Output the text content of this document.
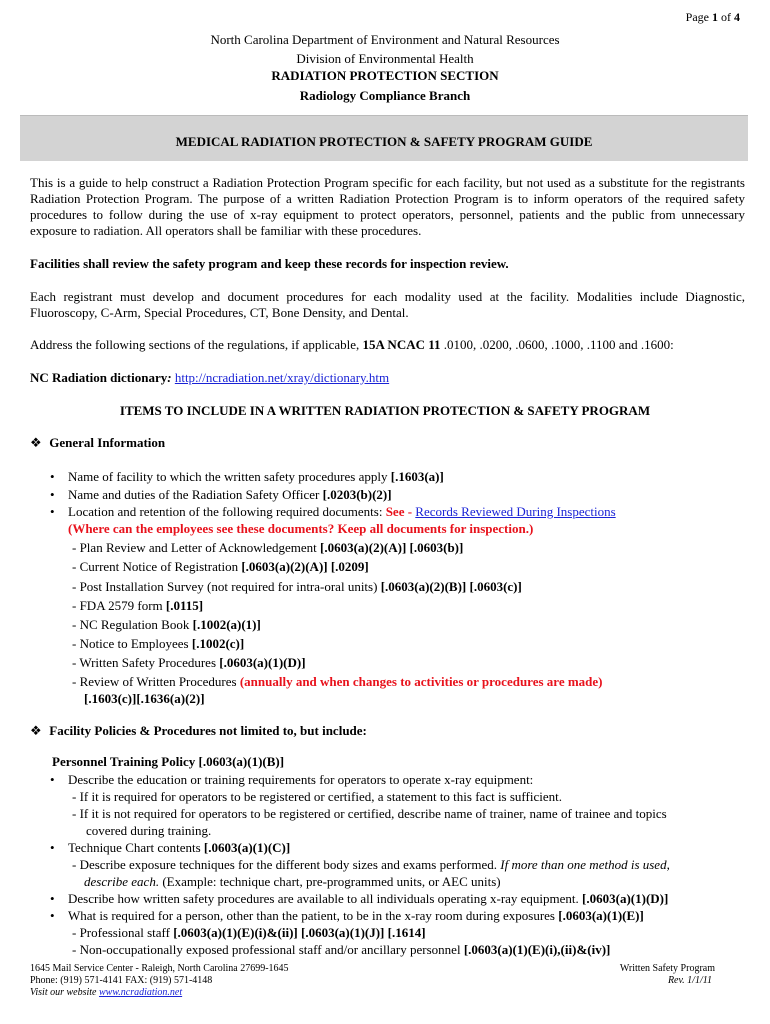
Page 1 of 4
North Carolina Department of Environment and Natural Resources
Division of Environmental Health
RADIATION PROTECTION SECTION
Radiology Compliance Branch
MEDICAL RADIATION PROTECTION & SAFETY PROGRAM GUIDE
This is a guide to help construct a Radiation Protection Program specific for each facility, but not used as a substitute for the registrants Radiation Protection Program. The purpose of a written Radiation Protection Program is to inform operators of the required safety procedures to follow during the use of x-ray equipment to protect operators, personnel, patients and the public from unnecessary exposure to radiation. All operators shall be familiar with these procedures.
Facilities shall review the safety program and keep these records for inspection review.
Each registrant must develop and document procedures for each modality used at the facility. Modalities include Diagnostic, Fluoroscopy, C-Arm, Special Procedures, CT, Bone Density, and Dental.
Address the following sections of the regulations, if applicable, 15A NCAC 11 .0100, .0200, .0600, .1000, .1100 and .1600:
NC Radiation dictionary: http://ncradiation.net/xray/dictionary.htm
ITEMS TO INCLUDE IN A WRITTEN RADIATION PROTECTION & SAFETY PROGRAM
❖ General Information
•	Name of facility to which the written safety procedures apply [.1603(a)]
•	Name and duties of the Radiation Safety Officer [.0203(b)(2)]
•	Location and retention of the following required documents: See - Records Reviewed During Inspections
(Where can the employees see these documents? Keep all documents for inspection.)
- Plan Review and Letter of Acknowledgement [.0603(a)(2)(A)] [.0603(b)]
- Current Notice of Registration [.0603(a)(2)(A)] [.0209]
- Post Installation Survey (not required for intra-oral units) [.0603(a)(2)(B)] [.0603(c)]
- FDA 2579 form [.0115]
- NC Regulation Book [.1002(a)(1)]
- Notice to Employees [.1002(c)]
- Written Safety Procedures [.0603(a)(1)(D)]
- Review of Written Procedures (annually and when changes to activities or procedures are made)
[.1603(c)][.1636(a)(2)]
❖ Facility Policies & Procedures not limited to, but include:
Personnel Training Policy [.0603(a)(1)(B)]
•	Describe the education or training requirements for operators to operate x-ray equipment:
- If it is required for operators to be registered or certified, a statement to this fact is sufficient.
- If it is not required for operators to be registered or certified, describe name of trainer, name of trainee and topics
covered during training.
•	Technique Chart contents [.0603(a)(1)(C)]
- Describe exposure techniques for the different body sizes and exams performed. If more than one method is used,
describe each. (Example: technique chart, pre-programmed units, or AEC units)
•	Describe how written safety procedures are available to all individuals operating x-ray equipment. [.0603(a)(1)(D)]
•	What is required for a person, other than the patient, to be in the x-ray room during exposures [.0603(a)(1)(E)]
- Professional staff [.0603(a)(1)(E)(i)&(ii)] [.0603(a)(1)(J)] [.1614]
- Non-occupationally exposed professional staff and/or ancillary personnel [.0603(a)(1)(E)(i),(ii)&(iv)]
1645 Mail Service Center - Raleigh, North Carolina 27699-1645
Phone: (919) 571-4141 FAX: (919) 571-4148
Visit our website www.ncradiation.net
Written Safety Program
Rev. 1/1/11
